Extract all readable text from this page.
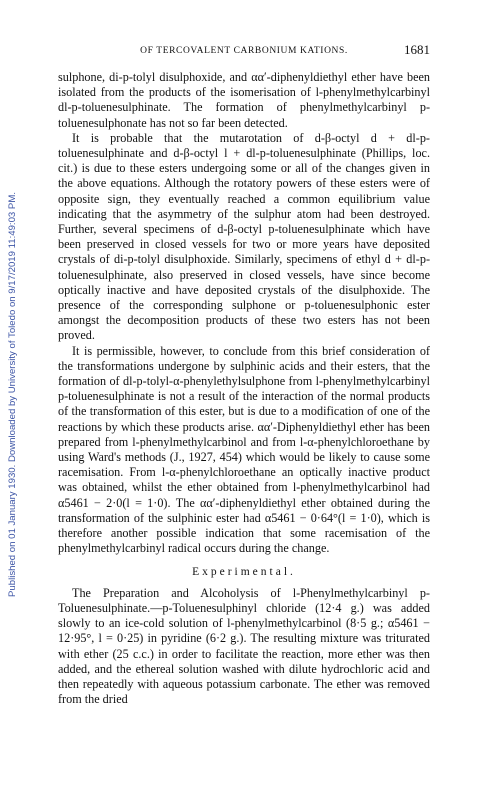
Published on 01 January 1930. Downloaded by University of Toledo on 9/17/2019 11:49:03 PM.
OF TERCOVALENT CARBONIUM KATIONS.	1681

sulphone, di-p-tolyl disulphoxide, and αα′-diphenyldiethyl ether have been isolated from the products of the isomerisation of l-phenylmethylcarbinyl dl-p-toluenesulphinate. The formation of phenylmethylcarbinyl p-toluenesulphonate has not so far been detected.

It is probable that the mutarotation of d-β-octyl d + dl-p-toluenesulphinate and d-β-octyl l + dl-p-toluenesulphinate (Phillips, loc. cit.) is due to these esters undergoing some or all of the changes given in the above equations. Although the rotatory powers of these esters were of opposite sign, they eventually reached a common equilibrium value indicating that the asymmetry of the sulphur atom had been destroyed. Further, several specimens of d-β-octyl p-toluenesulphinate which have been preserved in closed vessels for two or more years have deposited crystals of di-p-tolyl disulphoxide. Similarly, specimens of ethyl d + dl-p-toluenesulphinate, also preserved in closed vessels, have since become optically inactive and have deposited crystals of the disulphoxide. The presence of the corresponding sulphone or p-toluenesulphonic ester amongst the decomposition products of these two esters has not been proved.

It is permissible, however, to conclude from this brief consideration of the transformations undergone by sulphinic acids and their esters, that the formation of dl-p-tolyl-α-phenylethylsulphone from l-phenylmethylcarbinyl p-toluenesulphinate is not a result of the interaction of the normal products of the transformation of this ester, but is due to a modification of one of the reactions by which these products arise. αα′-Diphenyldiethyl ether has been prepared from l-phenylmethylcarbinol and from l-α-phenylchloroethane by using Ward's methods (J., 1927, 454) which would be likely to cause some racemisation. From l-α-phenylchloroethane an optically inactive product was obtained, whilst the ether obtained from l-phenylmethylcarbinol had α5461 − 2·0(l = 1·0). The αα′-diphenyldiethyl ether obtained during the transformation of the sulphinic ester had α5461 − 0·64°(l = 1·0), which is therefore another possible indication that some racemisation of the phenylmethylcarbinyl radical occurs during the change.

Experimental.

The Preparation and Alcoholysis of l-Phenylmethylcarbinyl p-Toluenesulphinate.—p-Toluenesulphinyl chloride (12·4 g.) was added slowly to an ice-cold solution of l-phenylmethylcarbinol (8·5 g.; α5461 − 12·95°, l = 0·25) in pyridine (6·2 g.). The resulting mixture was triturated with ether (25 c.c.) in order to facilitate the reaction, more ether was then added, and the ethereal solution washed with dilute hydrochloric acid and then repeatedly with aqueous potassium carbonate. The ether was removed from the dried
